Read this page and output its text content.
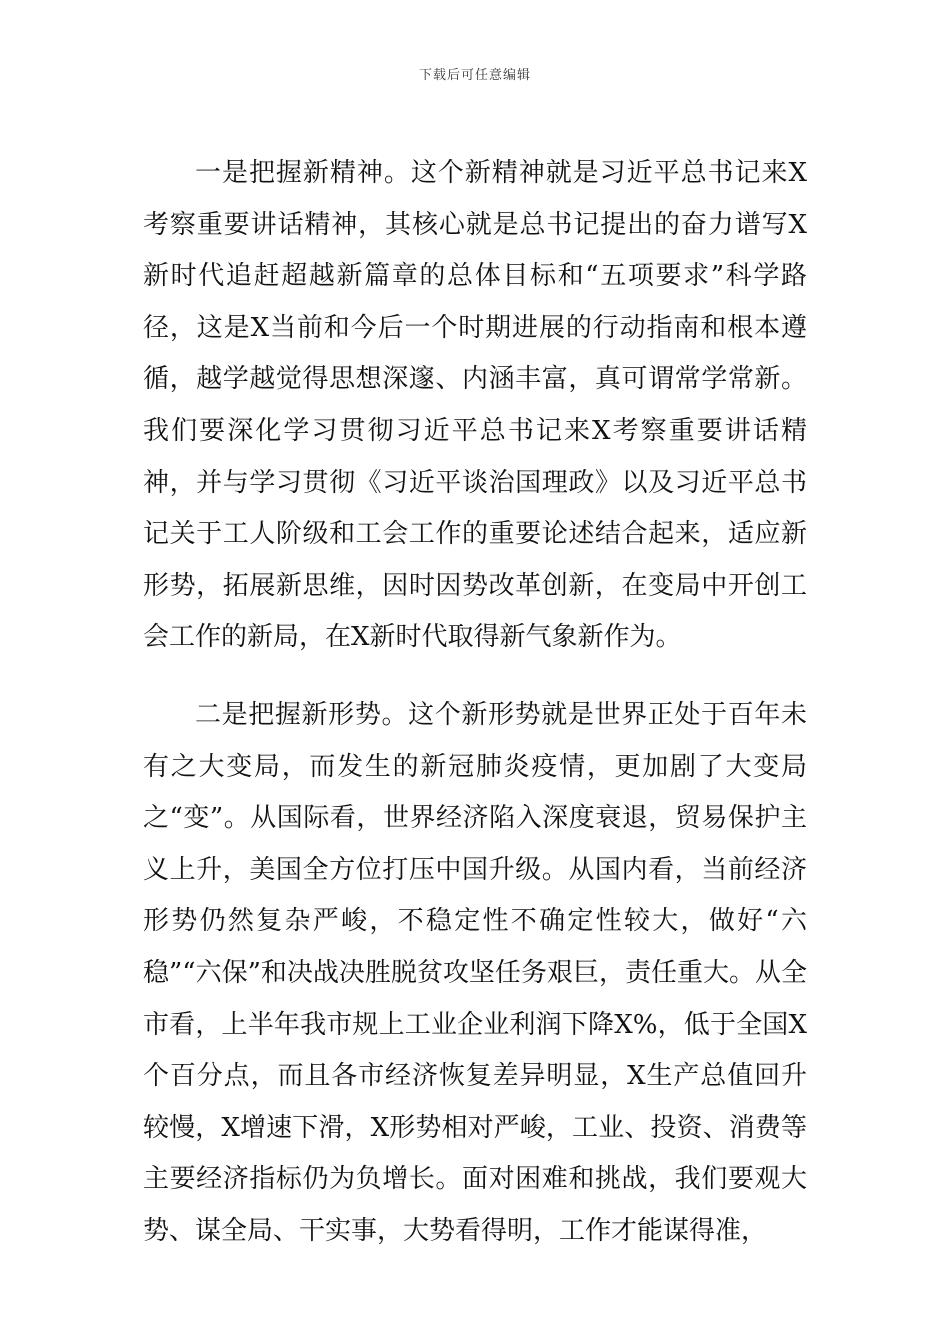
下载后可任意编辑

一是把握新精神。这个新精神就是习近平总书记来X考察重要讲话精神，其核心就是总书记提出的奋力谱写X新时代追赶超越新篇章的总体目标和“五项要求”科学路径，这是X当前和今后一个时期进展的行动指南和根本遵循，越学越觉得思想深邃、内涵丰富，真可谓常学常新。我们要深化学习贯彻习近平总书记来X考察重要讲话精神，并与学习贯彻《习近平谈治国理政》以及习近平总书记关于工人阶级和工会工作的重要论述结合起来，适应新形势，拓展新思维，因时因势改革创新，在变局中开创工会工作的新局，在X新时代取得新气象新作为。

二是把握新形势。这个新形势就是世界正处于百年未有之大变局，而发生的新冠肺炎疫情，更加剧了大变局之“变”。从国际看，世界经济陷入深度衰退，贸易保护主义上升，美国全方位打压中国升级。从国内看，当前经济形势仍然复杂严峻，不稳定性不确定性较大，做好“六稳”“六保”和决战决胜脱贫攻坚任务艰巨，责任重大。从全市看，上半年我市规上工业企业利润下降X%，低于全国X个百分点，而且各市经济恢复差异明显，X生产总值回升较慢，X增速下滑，X形势相对严峻，工业、投资、消费等主要经济指标仍为负增长。面对困难和挑战，我们要观大势、谋全局、干实事，大势看得明，工作才能谋得准，
